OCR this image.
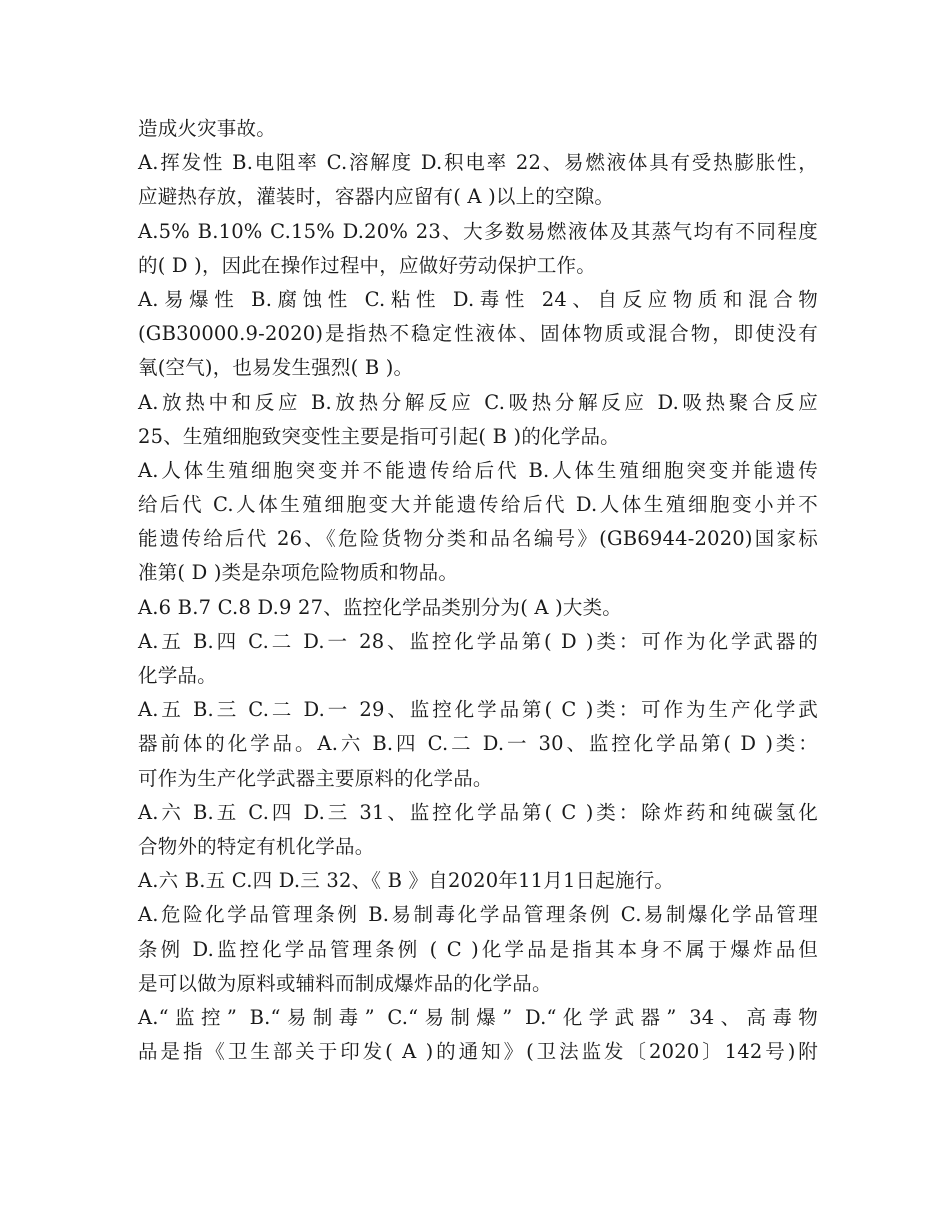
造成火灾事故。
A.挥发性 B.电阻率 C.溶解度 D.积电率 22、易燃液体具有受热膨胀性，
应避热存放，灌装时，容器内应留有( A )以上的空隙。
A.5% B.10% C.15% D.20% 23、大多数易燃液体及其蒸气均有不同程度
的( D )，因此在操作过程中，应做好劳动保护工作。
A.易爆性 B.腐蚀性 C.粘性 D.毒性 24、自反应物质和混合物
(GB30000.9-2020)是指热不稳定性液体、固体物质或混合物，即使没有
氧(空气)，也易发生强烈( B )。
A.放热中和反应 B.放热分解反应 C.吸热分解反应 D.吸热聚合反应
25、生殖细胞致突变性主要是指可引起( B )的化学品。
A.人体生殖细胞突变并不能遗传给后代 B.人体生殖细胞突变并能遗传
给后代 C.人体生殖细胞变大并能遗传给后代 D.人体生殖细胞变小并不
能遗传给后代 26、《危险货物分类和品名编号》(GB6944-2020)国家标
准第( D )类是杂项危险物质和物品。
A.6 B.7 C.8 D.9 27、监控化学品类别分为( A )大类。
A.五 B.四 C.二 D.一 28、监控化学品第( D )类：可作为化学武器的
化学品。
A.五 B.三 C.二 D.一 29、监控化学品第( C )类：可作为生产化学武
器前体的化学品。A.六 B.四 C.二 D.一 30、监控化学品第( D )类：
可作为生产化学武器主要原料的化学品。
A.六 B.五 C.四 D.三 31、监控化学品第( C )类：除炸药和纯碳氢化
合物外的特定有机化学品。
A.六 B.五 C.四 D.三 32、《 B 》自2020年11月1日起施行。
A.危险化学品管理条例 B.易制毒化学品管理条例 C.易制爆化学品管理
条例 D.监控化学品管理条例 ( C )化学品是指其本身不属于爆炸品但
是可以做为原料或辅料而制成爆炸品的化学品。
A.“监控” B.“易制毒” C.“易制爆” D.“化学武器” 34、高毒物
品是指《卫生部关于印发( A )的通知》(卫法监发〔2020〕142号)附
